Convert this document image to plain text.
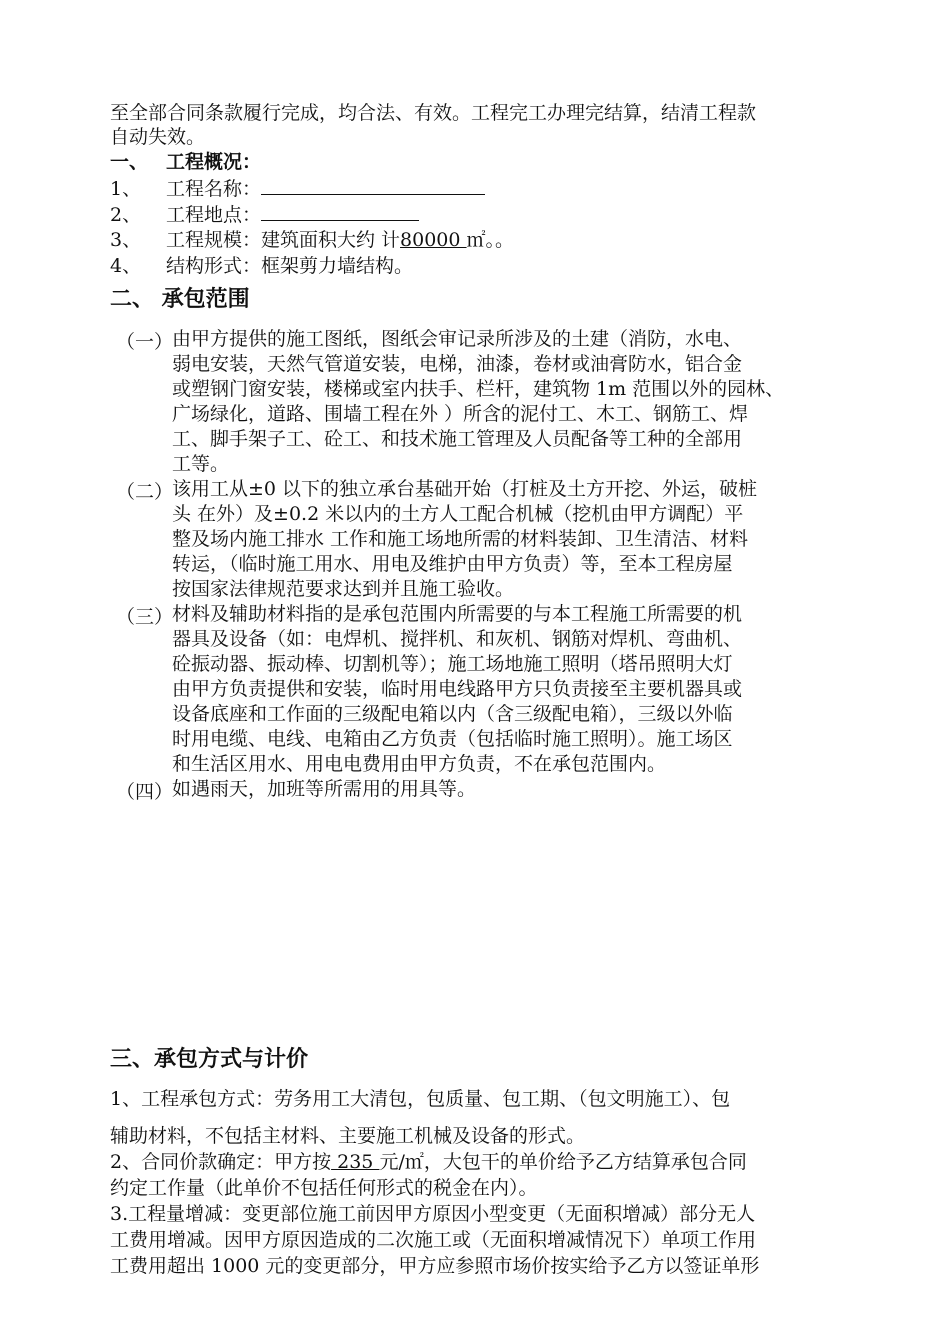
至全部合同条款履行完成，均合法、有效。工程完工办理完结算，结清工程款
自动失效。
一、 工程概况：
1、 工程名称：
2、 工程地点：
3、 工程规模：建筑面积大约 计80000 ㎡。。
4、 结构形式：框架剪力墙结构。
二、 承包范围
（一）
由甲方提供的施工图纸，图纸会审记录所涉及的土建（消防，水电、
弱电安装，天然气管道安装，电梯，油漆，卷材或油膏防水，铝合金
或塑钢门窗安装，楼梯或室内扶手、栏杆，建筑物 1m 范围以外的园林、
广场绿化，道路、围墙工程在外 ）所含的泥付工、木工、钢筋工、焊
工、脚手架子工、砼工、和技术施工管理及人员配备等工种的全部用
工等。
（二）
该用工从±0 以下的独立承台基础开始（打桩及土方开挖、外运，破桩
头 在外）及±0.2 米以内的土方人工配合机械（挖机由甲方调配）平
整及场内施工排水 工作和施工场地所需的材料装卸、卫生清洁、材料
转运，（临时施工用水、用电及维护由甲方负责）等，至本工程房屋
按国家法律规范要求达到并且施工验收。
（三）
材料及辅助材料指的是承包范围内所需要的与本工程施工所需要的机
器具及设备（如：电焊机、搅拌机、和灰机、钢筋对焊机、弯曲机、
砼振动器、振动棒、切割机等）；施工场地施工照明（塔吊照明大灯
由甲方负责提供和安装，临时用电线路甲方只负责接至主要机器具或
设备底座和工作面的三级配电箱以内（含三级配电箱），三级以外临
时用电缆、电线、电箱由乙方负责（包括临时施工照明）。施工场区
和生活区用水、用电电费用由甲方负责，不在承包范围内。
（四）
如遇雨天，加班等所需用的用具等。
三、承包方式与计价
1、工程承包方式：劳务用工大清包，包质量、包工期、（包文明施工）、包
辅助材料，不包括主材料、主要施工机械及设备的形式。
2、合同价款确定：甲方按 235 元/㎡，大包干的单价给予乙方结算承包合同
约定工作量（此单价不包括任何形式的税金在内）。
3.工程量增减：变更部位施工前因甲方原因小型变更（无面积增减）部分无人
工费用增减。因甲方原因造成的二次施工或（无面积增减情况下）单项工作用
工费用超出 1000 元的变更部分，甲方应参照市场价按实给予乙方以签证单形
